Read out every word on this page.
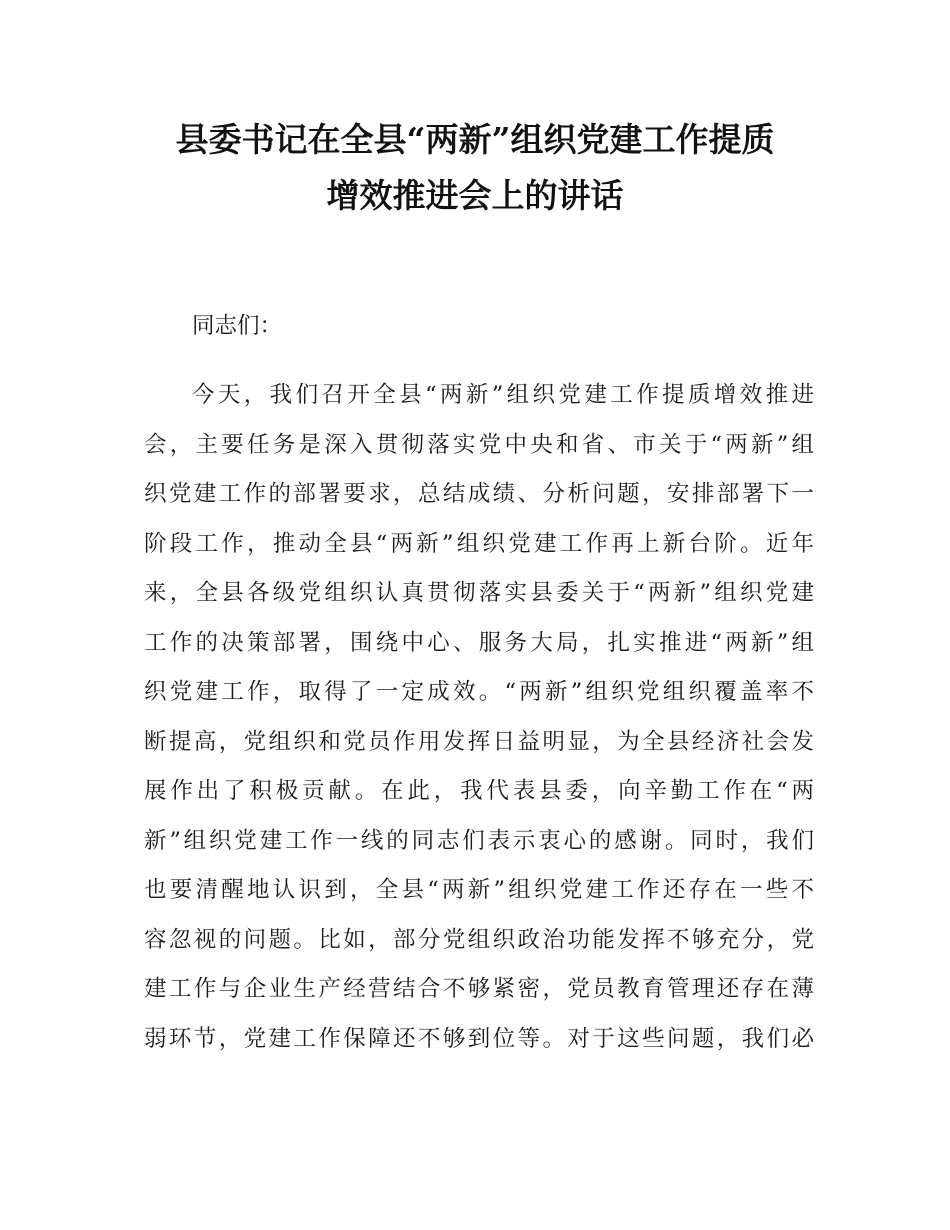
县委书记在全县“两新”组织党建工作提质
增效推进会上的讲话

同志们：

今天，我们召开全县“两新”组织党建工作提质增效推进
会，主要任务是深入贯彻落实党中央和省、市关于“两新”组
织党建工作的部署要求，总结成绩、分析问题，安排部署下一
阶段工作，推动全县“两新”组织党建工作再上新台阶。近年
来，全县各级党组织认真贯彻落实县委关于“两新”组织党建
工作的决策部署，围绕中心、服务大局，扎实推进“两新”组
织党建工作，取得了一定成效。“两新”组织党组织覆盖率不
断提高，党组织和党员作用发挥日益明显，为全县经济社会发
展作出了积极贡献。在此，我代表县委，向辛勤工作在“两
新”组织党建工作一线的同志们表示衷心的感谢。同时，我们
也要清醒地认识到，全县“两新”组织党建工作还存在一些不
容忽视的问题。比如，部分党组织政治功能发挥不够充分，党
建工作与企业生产经营结合不够紧密，党员教育管理还存在薄
弱环节，党建工作保障还不够到位等。对于这些问题，我们必
